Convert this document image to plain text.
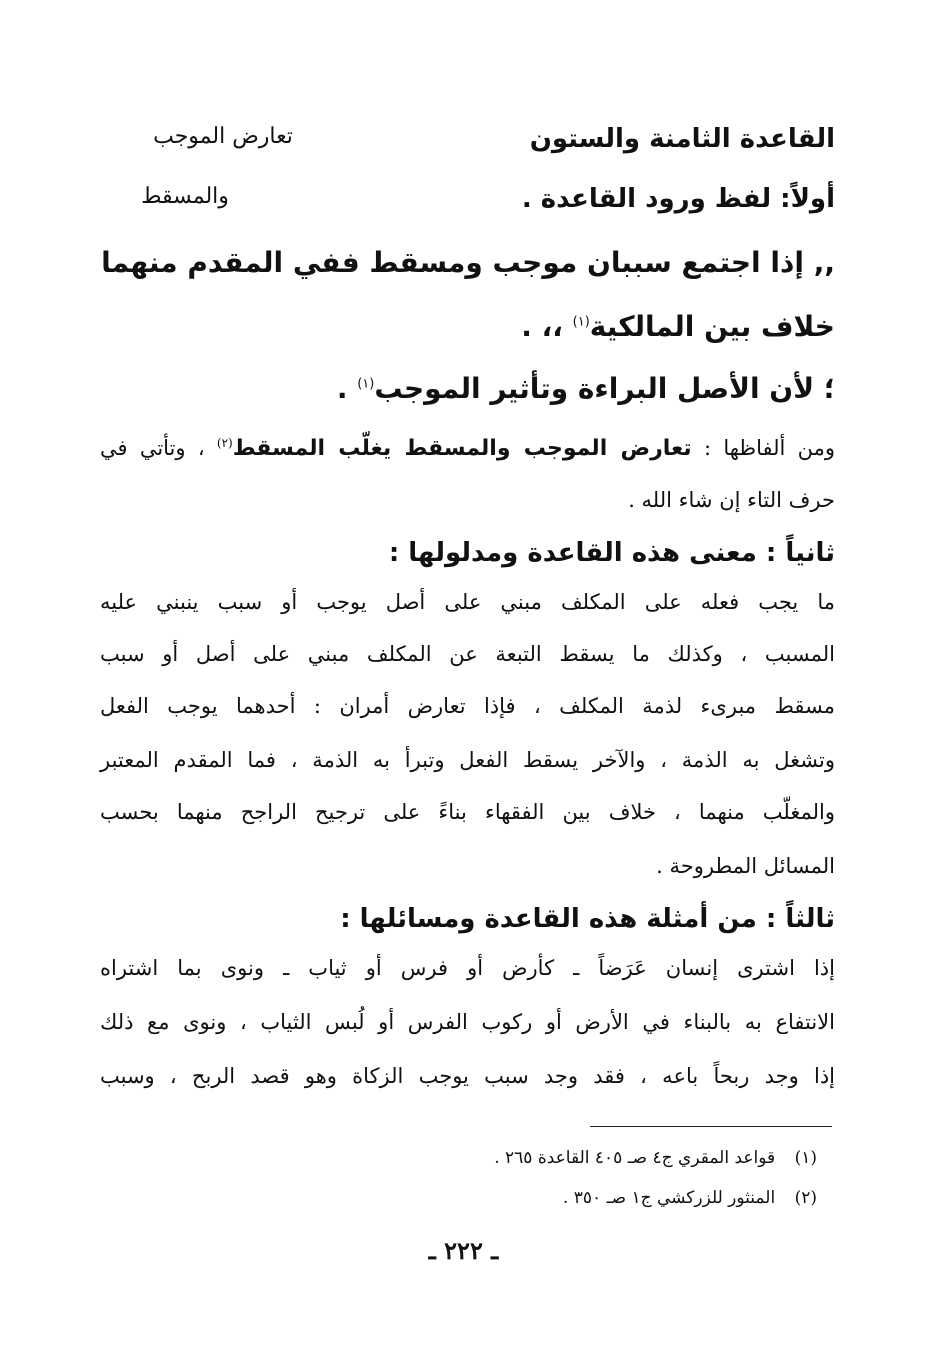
تعارض الموجب
والمسقط
القاعدة الثامنة والستون
أولاً: لفظ ورود القاعدة .
,, إذا اجتمع سببان موجب ومسقط ففي المقدم منهما
خلاف بين المالكية$^{(١)}$ ،، .
؛ لأن الأصل البراءة وتأثير الموجب$^{(١)}$ .
ومن ألفاظها : تعارض الموجب والمسقط يغلّب المسقط$^{(٢)}$ ، وتأتي في
حرف التاء إن شاء الله .
ثانياً : معنى هذه القاعدة ومدلولها :
ما يجب فعله على المكلف مبني على أصل يوجب أو سبب ينبني عليه
المسبب ، وكذلك ما يسقط التبعة عن المكلف مبني على أصل أو سبب
مسقط مبرىء لذمة المكلف ، فإذا تعارض أمران : أحدهما يوجب الفعل
وتشغل به الذمة ، والآخر يسقط الفعل وتبرأ به الذمة ، فما المقدم المعتبر
والمغلّب منهما ، خلاف بين الفقهاء بناءً على ترجيح الراجح منهما بحسب
المسائل المطروحة .
ثالثاً : من أمثلة هذه القاعدة ومسائلها :
إذا اشترى إنسان عَرَضاً ـ كأرض أو فرس أو ثياب ـ ونوى بما اشتراه
الانتفاع به بالبناء في الأرض أو ركوب الفرس أو لُبس الثياب ، ونوى مع ذلك
إذا وجد ربحاً باعه ، فقد وجد سبب يوجب الزكاة وهو قصد الربح ، وسبب
(١) قواعد المقري ج٤ صـ ٤٠٥ القاعدة ٢٦٥ .
(٢) المنثور للزركشي ج١ صـ ٣٥٠ .
ـ ٢٢٢ ـ
